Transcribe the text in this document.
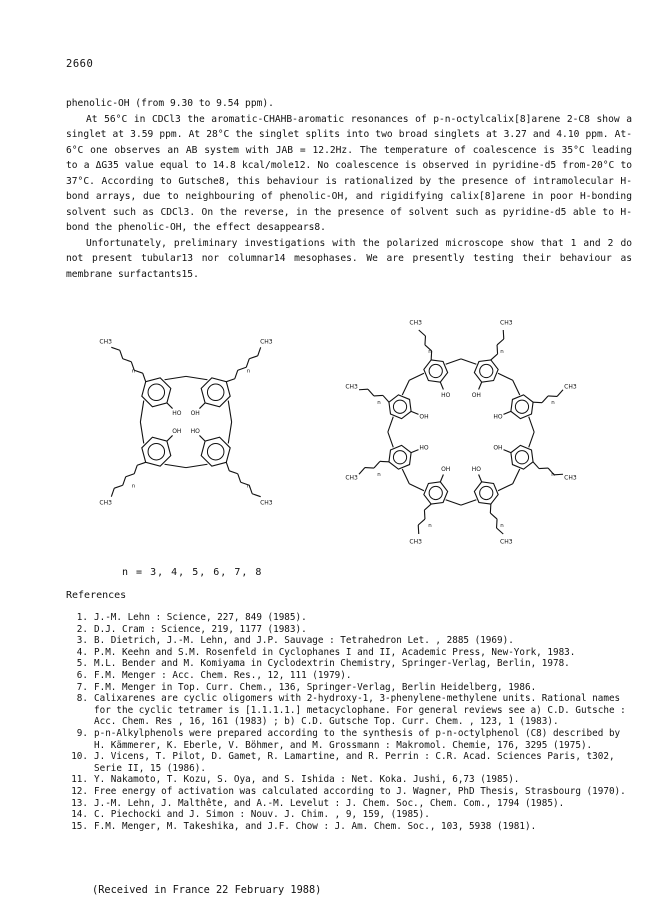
2660

phenolic-OH (from 9.30 to 9.54 ppm).

At 56°C in CDCl3 the aromatic-CHAHB-aromatic resonances of p-n-octylcalix[8]arene 2-C8 show a singlet at 3.59 ppm. At 28°C the singlet splits into two broad singlets at 3.27 and 4.10 ppm. At-6°C one observes an AB system with JAB = 12.2Hz. The temperature of coalescence is 35°C leading to a ΔG35 value equal to 14.8 kcal/mole12. No coalescence is observed in pyridine-d5 from-20°C to 37°C. According to Gutsche8, this behaviour is rationalized by the presence of intramolecular H-bond arrays, due to neighbouring of phenolic-OH, and rigidifying calix[8]arene in poor H-bonding solvent such as CDCl3. On the reverse, in the presence of solvent such as pyridine-d5 able to H-bond the phenolic-OH, the effect desappears8.

Unfortunately, preliminary investigations with the polarized microscope show that 1 and 2 do not present tubular13 nor columnar14 mesophases. We are presently testing their behaviour as membrane surfactants15.

OH
CH3
n
HO
CH3
n
OH
CH3
n
HO
CH3
n
OH
CH3
n
HO
CH3
n
OH
CH3
n
HO
CH3
n
OH
CH3
n
HO
CH3	n
OH
CH3
n
HO
CH3
n
n = 3, 4, 5, 6, 7, 8
References
1. J.-M. Lehn : Science, 227, 849 (1985).
2. D.J. Cram : Science, 219, 1177 (1983).
3. B. Dietrich, J.-M. Lehn, and J.P. Sauvage : Tetrahedron Let. , 2885 (1969).
4. P.M. Keehn and S.M. Rosenfeld in Cyclophanes I and II, Academic Press, New-York, 1983.
5. M.L. Bender and M. Komiyama in Cyclodextrin Chemistry, Springer-Verlag, Berlin, 1978.
6. F.M. Menger : Acc. Chem. Res., 12, 111 (1979).
7. F.M. Menger in Top. Curr. Chem., 136, Springer-Verlag, Berlin Heidelberg, 1986.
8. Calixarenes are cyclic oligomers with 2-hydroxy-1, 3-phenylene-methylene units. Rational names for the cyclic tetramer is [1.1.1.1.] metacyclophane. For general reviews see a) C.D. Gutsche : Acc. Chem. Res , 16, 161 (1983) ; b) C.D. Gutsche Top. Curr. Chem. , 123, 1 (1983).
9. p-n-Alkylphenols were prepared according to the synthesis of p-n-octylphenol (C8) described by H. Kämmerer, K. Eberle, V. Böhmer, and M. Grossmann : Makromol. Chemie, 176, 3295 (1975).
10. J. Vicens, T. Pilot, D. Gamet, R. Lamartine, and R. Perrin : C.R. Acad. Sciences Paris, t302, Serie II, 15 (1986).
11. Y. Nakamoto, T. Kozu, S. Oya, and S. Ishida : Net. Koka. Jushi, 6,73 (1985).
12. Free energy of activation was calculated according to J. Wagner, PhD Thesis, Strasbourg (1970).
13. J.-M. Lehn, J. Malthête, and A.-M. Levelut : J. Chem. Soc., Chem. Com., 1794 (1985).
14. C. Piechocki and J. Simon : Nouv. J. Chim. , 9, 159, (1985).
15. F.M. Menger, M. Takeshika, and J.F. Chow : J. Am. Chem. Soc., 103, 5938 (1981).
(Received in France 22 February 1988)
